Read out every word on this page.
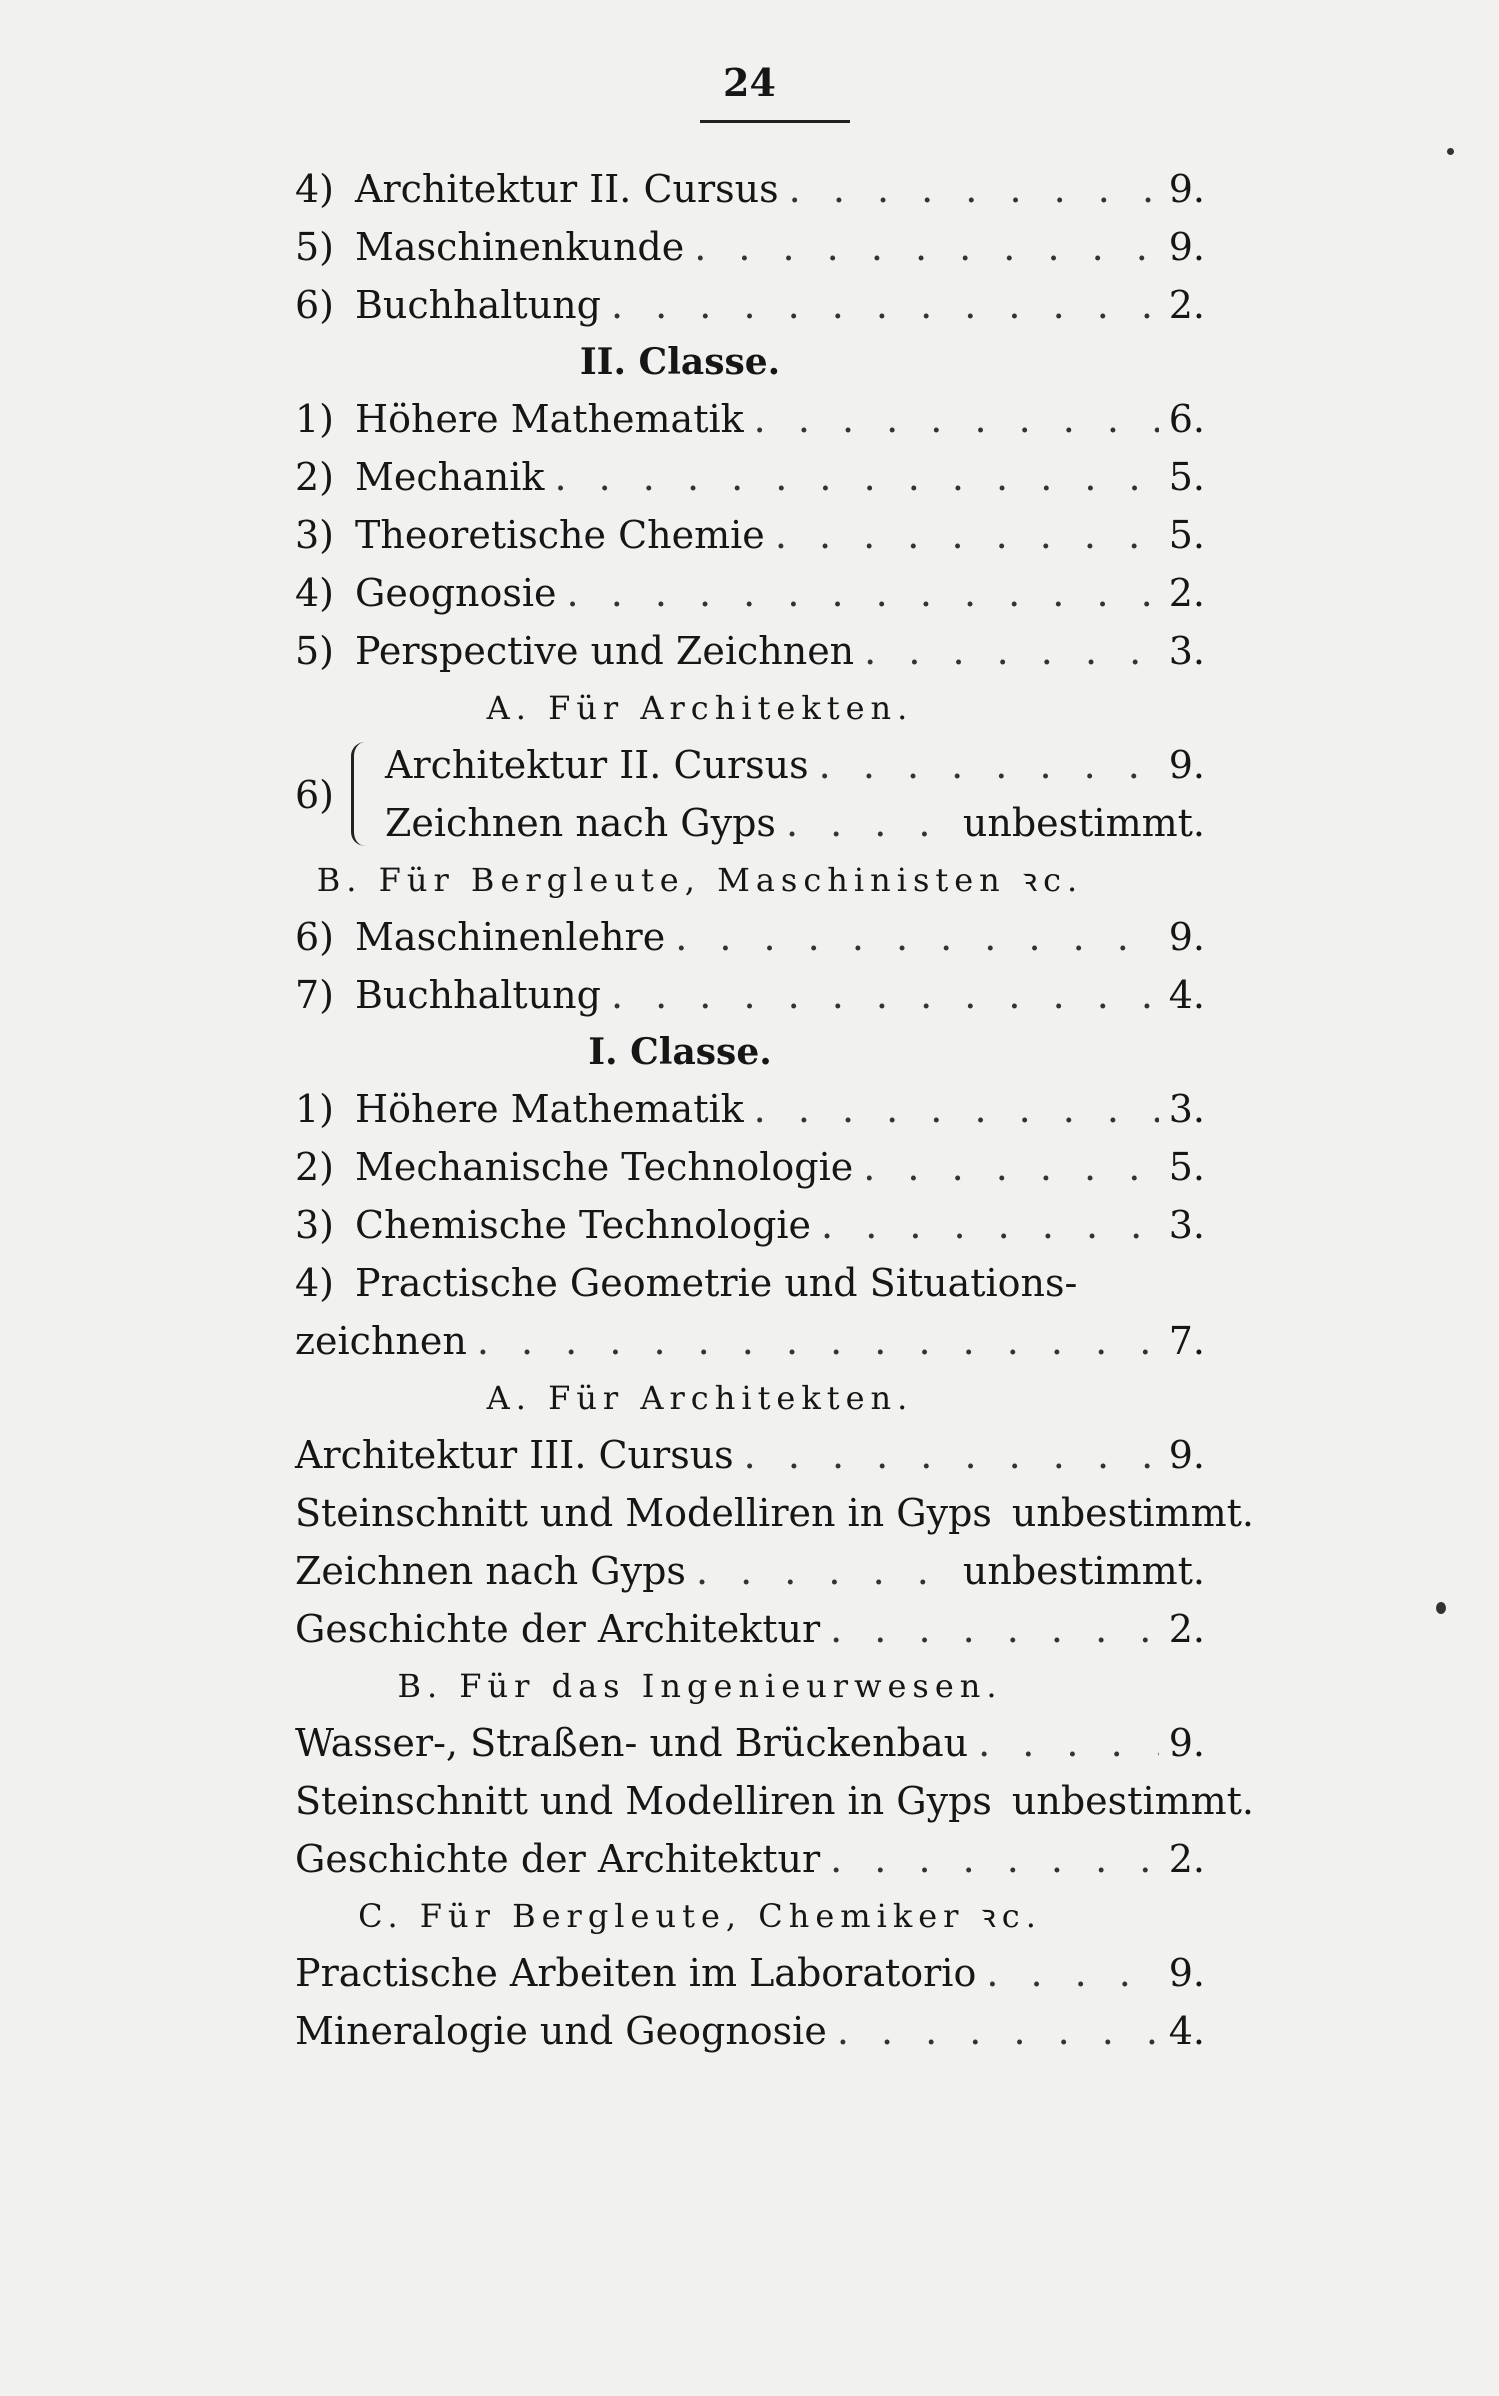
24
4) Architektur II. Cursus . . .	9.
5) Maschinenkunde . . .	9.
6) Buchhaltung . . .	2.
II. Classe.
1) Höhere Mathematik . . .	6.
2) Mechanik . . .	5.
3) Theoretische Chemie . . .	5.
4) Geognosie . . .	2.
5) Perspective und Zeichnen . . .	3.
A. Für Architekten.
6)
Architektur II. Cursus . . .	9.
Zeichnen nach Gyps . . .	unbestimmt.
B. Für Bergleute, Maschinisten ꝛc.
6) Maschinenlehre . . .	9.
7) Buchhaltung . . .	4.
I. Classe.
1) Höhere Mathematik . . .	3.
2) Mechanische Technologie . . .	5.
3) Chemische Technologie . . .	3.
4) Practische Geometrie und Situations-
zeichnen . . .	7.
A. Für Architekten.
Architektur III. Cursus . . .	9.
Steinschnitt und Modelliren in Gyps unbestimmt.
Zeichnen nach Gyps . . .	unbestimmt.
Geschichte der Architektur . . .	2.
B. Für das Ingenieurwesen.
Wasser-, Straßen- und Brückenbau . . .	9.
Steinschnitt und Modelliren in Gyps unbestimmt.
Geschichte der Architektur . . .	2.
C. Für Bergleute, Chemiker ꝛc.
Practische Arbeiten im Laboratorio . . .	9.
Mineralogie und Geognosie . . .	4.
